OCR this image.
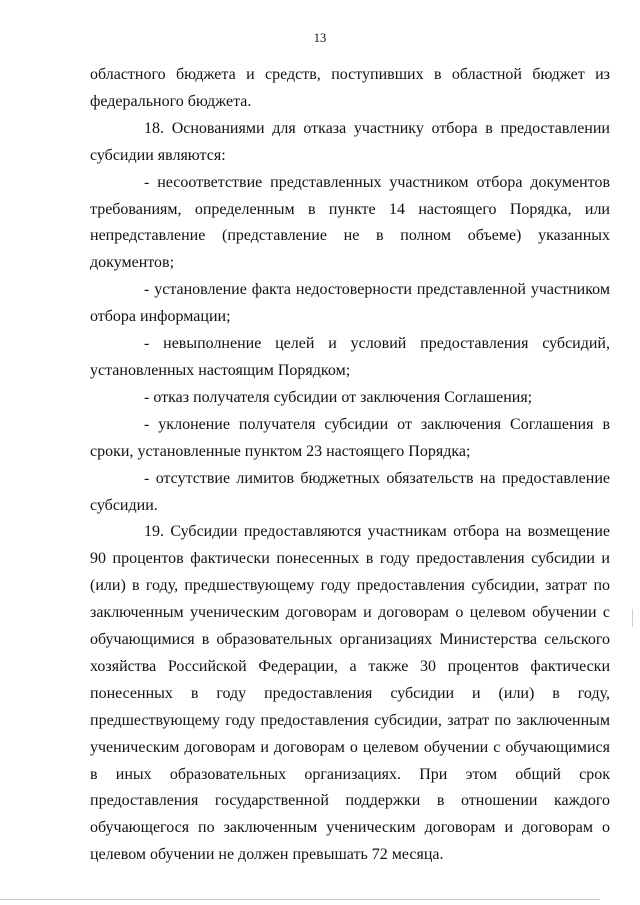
13

областного бюджета и средств, поступивших в областной бюджет из федерального бюджета.

18. Основаниями для отказа участнику отбора в предоставлении субсидии являются:

- несоответствие представленных участником отбора документов требованиям, определенным в пункте 14 настоящего Порядка, или непредставление (представление не в полном объеме) указанных документов;

- установление факта недостоверности представленной участником отбора информации;

- невыполнение целей и условий предоставления субсидий, установленных настоящим Порядком;

- отказ получателя субсидии от заключения Соглашения;

- уклонение получателя субсидии от заключения Соглашения в сроки, установленные пунктом 23 настоящего Порядка;

- отсутствие лимитов бюджетных обязательств на предоставление субсидии.

19. Субсидии предоставляются участникам отбора на возмещение 90 процентов фактически понесенных в году предоставления субсидии и (или) в году, предшествующему году предоставления субсидии, затрат по заключенным ученическим договорам и договорам о целевом обучении с обучающимися в образовательных организациях Министерства сельского хозяйства Российской Федерации, а также 30 процентов фактически понесенных в году предоставления субсидии и (или) в году, предшествующему году предоставления субсидии, затрат по заключенным ученическим договорам и договорам о целевом обучении с обучающимися в иных образовательных организациях. При этом общий срок предоставления государственной поддержки в отношении каждого обучающегося по заключенным ученическим договорам и договорам о целевом обучении не должен превышать 72 месяца.
